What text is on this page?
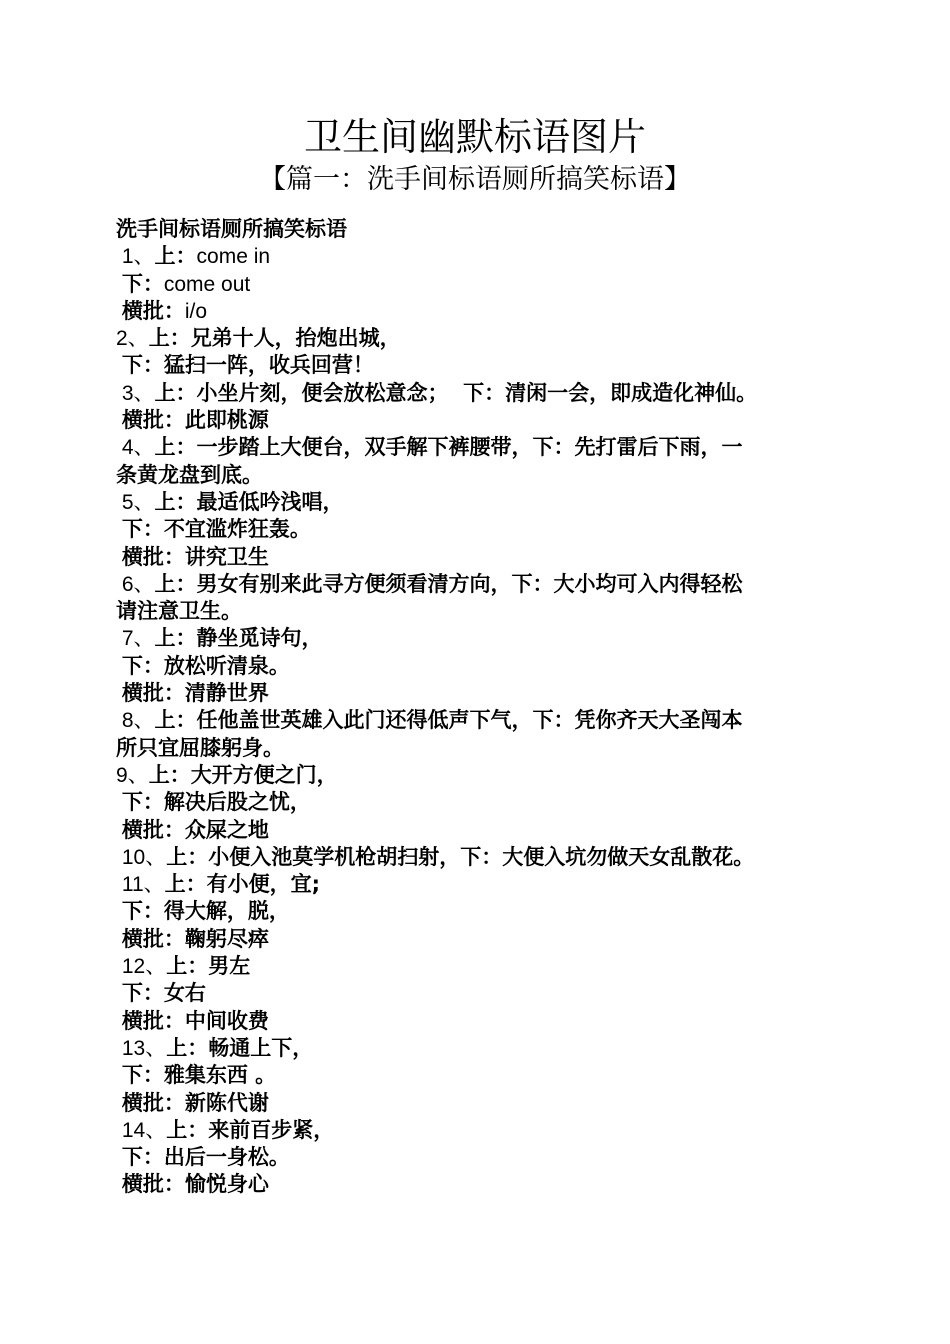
卫生间幽默标语图片
【篇一：洗手间标语厕所搞笑标语】
洗手间标语厕所搞笑标语
1、上：come in
下：come out
横批：i/o
2、上：兄弟十人，抬炮出城，
下：猛扫一阵，收兵回营！
3、上：小坐片刻，便会放松意念；  下：清闲一会，即成造化神仙。
横批：此即桃源
4、上：一步踏上大便台，双手解下裤腰带，下：先打雷后下雨，一
条黄龙盘到底。
5、上：最适低吟浅唱，
下：不宜滥炸狂轰。
横批：讲究卫生
6、上：男女有别来此寻方便须看清方向，下：大小均可入内得轻松
请注意卫生。
7、上：静坐觅诗句，
下：放松听清泉。
横批：清静世界
8、上：任他盖世英雄入此门还得低声下气，下：凭你齐天大圣闯本
所只宜屈膝躬身。
9、上：大开方便之门，
下：解决后股之忧，
横批：众屎之地
10、上：小便入池莫学机枪胡扫射，下：大便入坑勿做天女乱散花。
11、上：有小便，宜;
下：得大解，脱，
横批：鞠躬尽瘁
12、上：男左
下：女右
横批：中间收费
13、上：畅通上下，
下：雅集东西 。
横批：新陈代谢
14、上：来前百步紧，
下：出后一身松。
横批：愉悦身心
